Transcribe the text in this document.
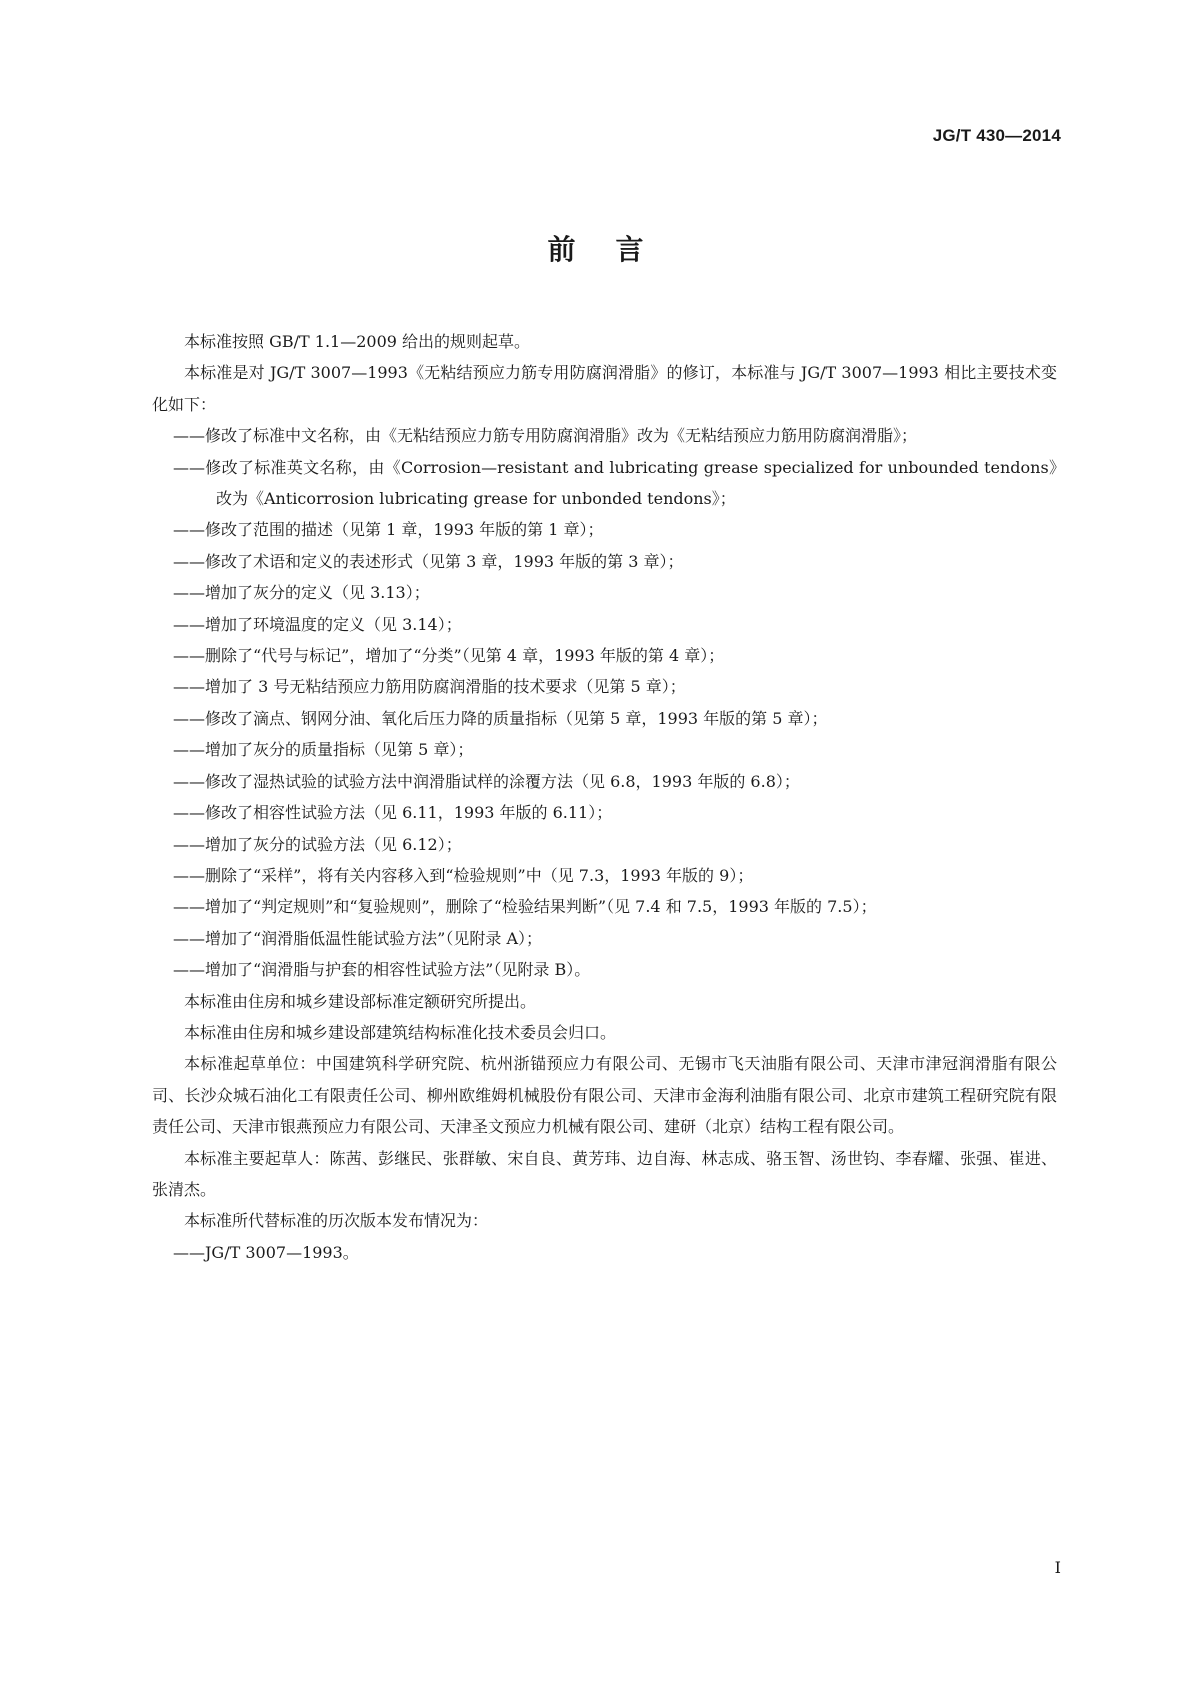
JG/T 430—2014
前言

本标准按照 GB/T 1.1—2009 给出的规则起草。

本标准是对 JG/T 3007—1993《无粘结预应力筋专用防腐润滑脂》的修订，本标准与 JG/T 3007—1993 相比主要技术变化如下：

——修改了标准中文名称，由《无粘结预应力筋专用防腐润滑脂》改为《无粘结预应力筋用防腐润滑脂》；

——修改了标准英文名称，由《Corrosion—resistant and lubricating grease specialized for unbounded tendons》改为《Anticorrosion lubricating grease for unbonded tendons》；

——修改了范围的描述（见第 1 章，1993 年版的第 1 章）；

——修改了术语和定义的表述形式（见第 3 章，1993 年版的第 3 章）；

——增加了灰分的定义（见 3.13）；

——增加了环境温度的定义（见 3.14）；

——删除了“代号与标记”，增加了“分类”（见第 4 章，1993 年版的第 4 章）；

——增加了 3 号无粘结预应力筋用防腐润滑脂的技术要求（见第 5 章）；

——修改了滴点、钢网分油、氧化后压力降的质量指标（见第 5 章，1993 年版的第 5 章）；

——增加了灰分的质量指标（见第 5 章）；

——修改了湿热试验的试验方法中润滑脂试样的涂覆方法（见 6.8，1993 年版的 6.8）；

——修改了相容性试验方法（见 6.11，1993 年版的 6.11）；

——增加了灰分的试验方法（见 6.12）；

——删除了“采样”，将有关内容移入到“检验规则”中（见 7.3，1993 年版的 9）；

——增加了“判定规则”和“复验规则”，删除了“检验结果判断”（见 7.4 和 7.5，1993 年版的 7.5）；

——增加了“润滑脂低温性能试验方法”（见附录 A）；

——增加了“润滑脂与护套的相容性试验方法”（见附录 B）。

本标准由住房和城乡建设部标准定额研究所提出。

本标准由住房和城乡建设部建筑结构标准化技术委员会归口。

本标准起草单位：中国建筑科学研究院、杭州浙锚预应力有限公司、无锡市飞天油脂有限公司、天津市津冠润滑脂有限公司、长沙众城石油化工有限责任公司、柳州欧维姆机械股份有限公司、天津市金海利油脂有限公司、北京市建筑工程研究院有限责任公司、天津市银燕预应力有限公司、天津圣文预应力机械有限公司、建研（北京）结构工程有限公司。

本标准主要起草人：陈茜、彭继民、张群敏、宋自良、黄芳玮、边自海、林志成、骆玉智、汤世钧、李春耀、张强、崔进、张清杰。

本标准所代替标准的历次版本发布情况为：

——JG/T 3007—1993。

I
